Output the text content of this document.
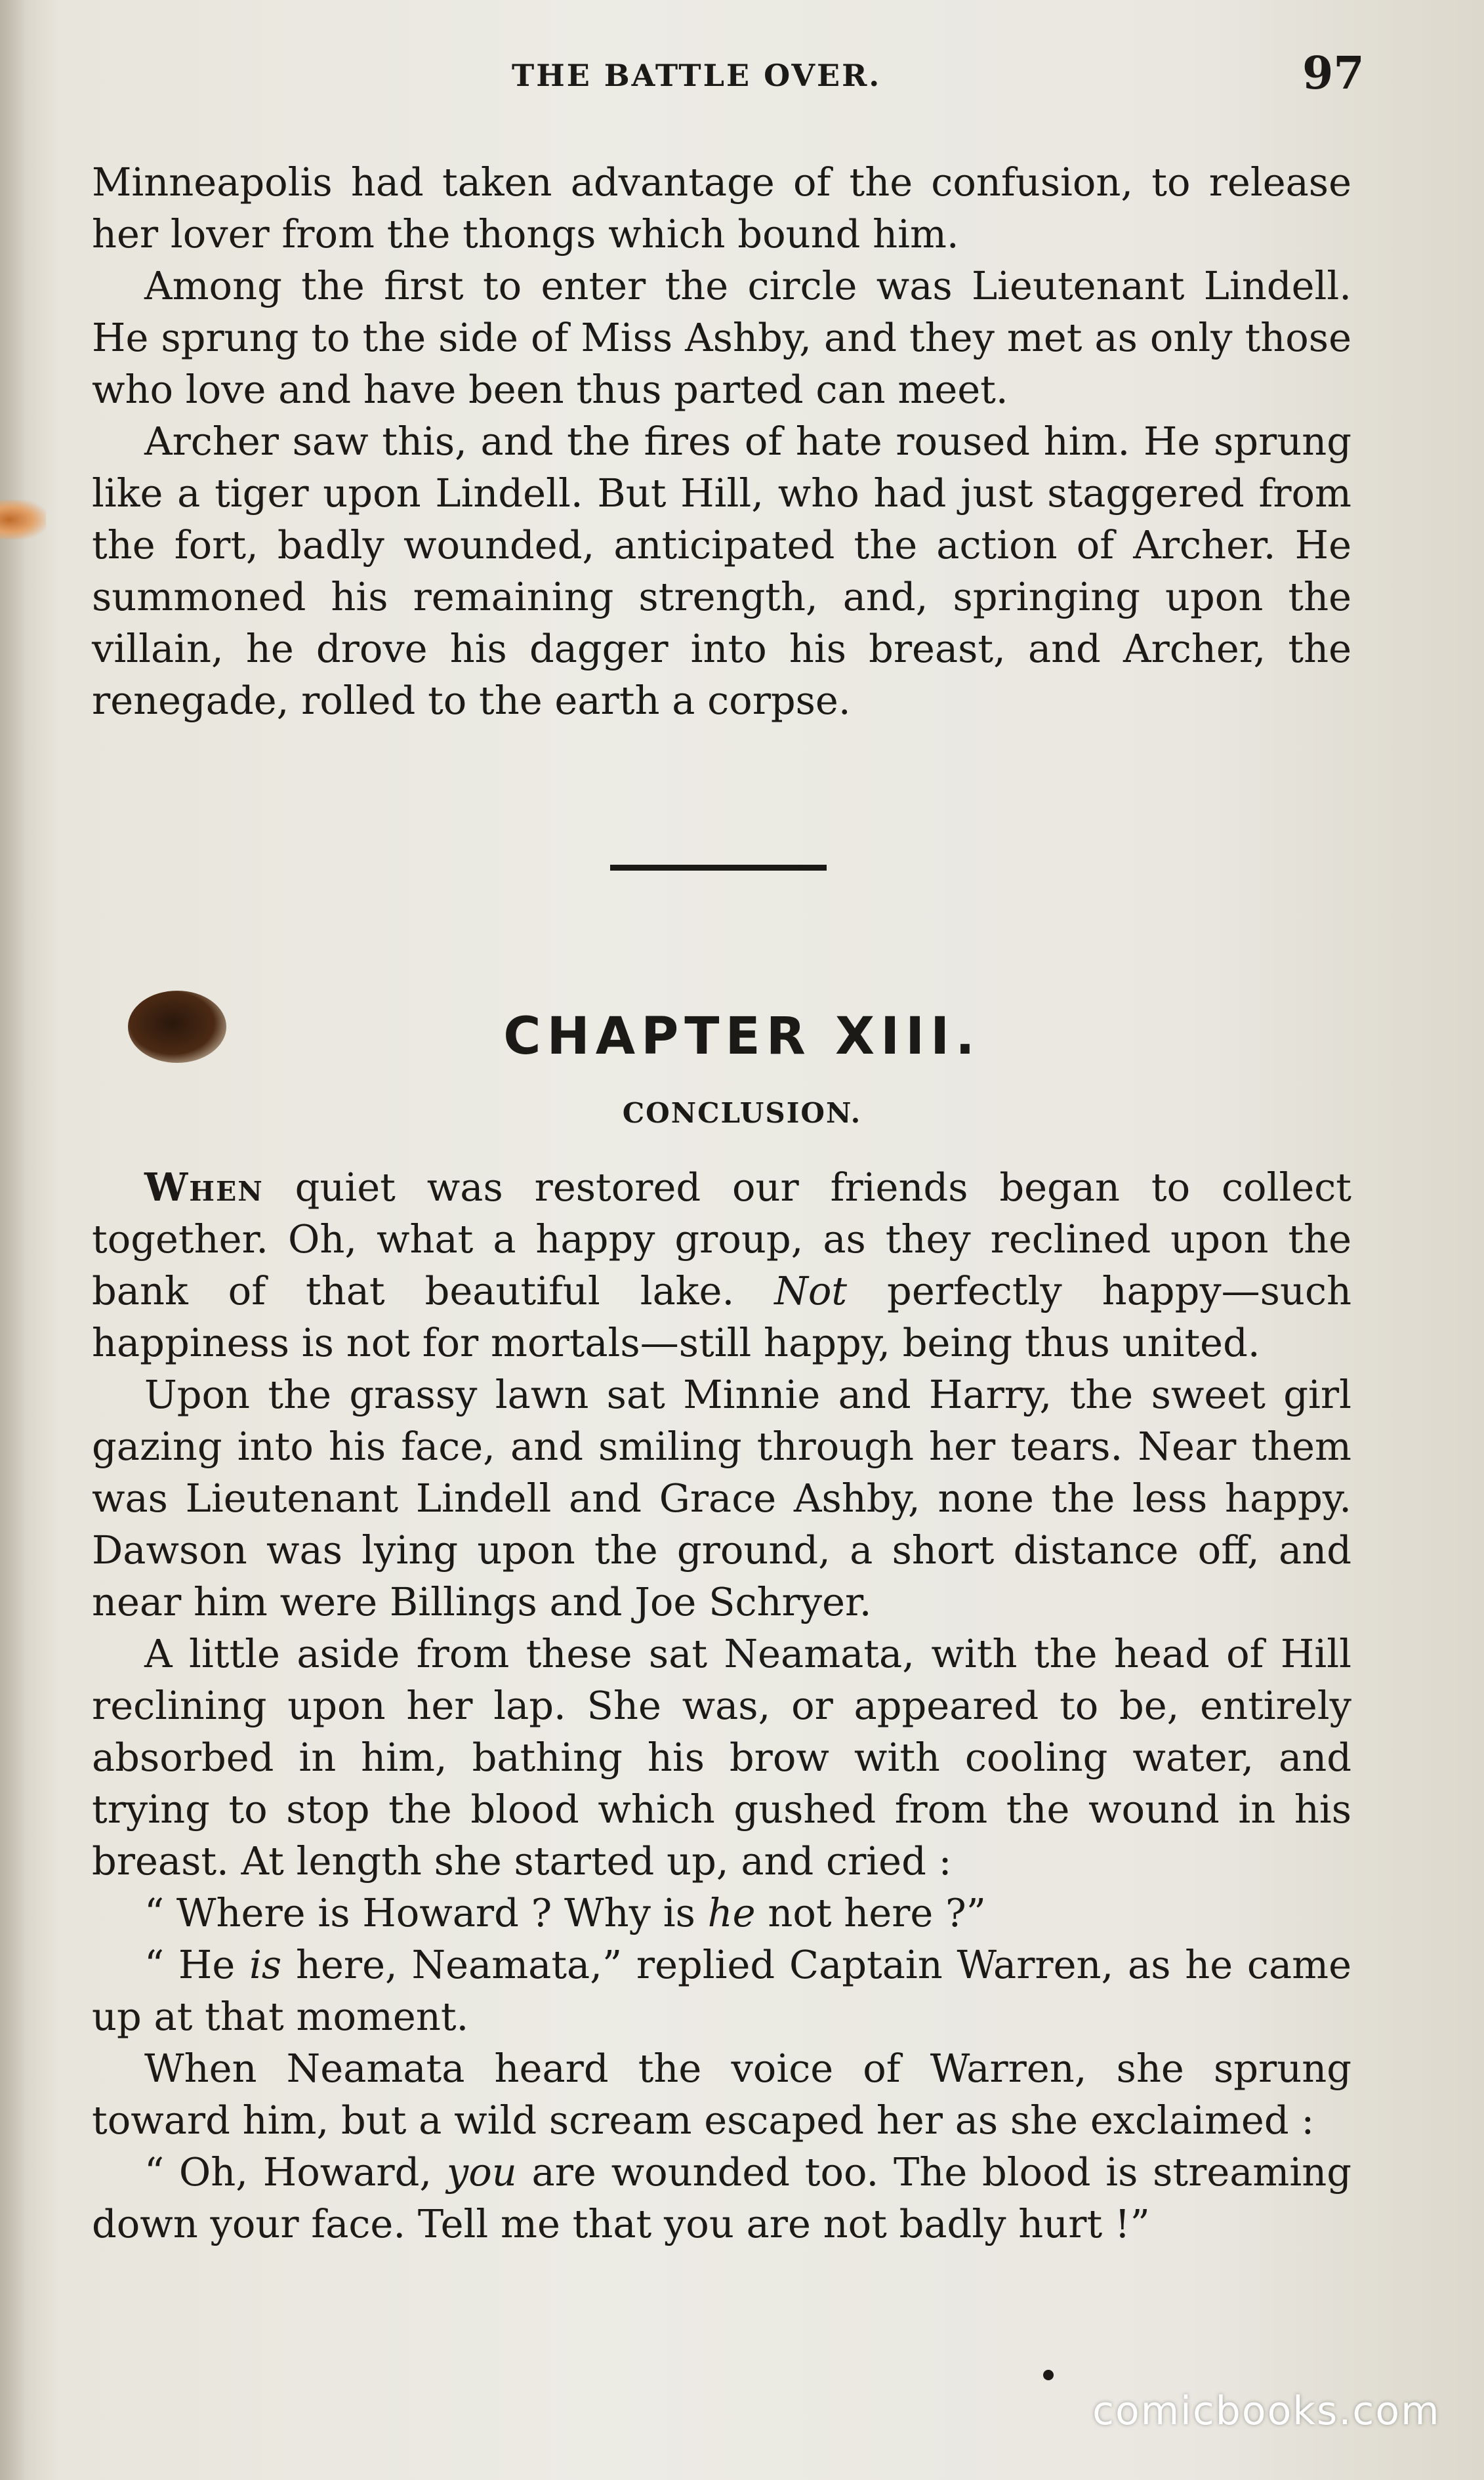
THE BATTLE OVER.	97

Minneapolis had taken advantage of the confusion, to release her lover from the thongs which bound him.

Among the first to enter the circle was Lieutenant Lindell. He sprung to the side of Miss Ashby, and they met as only those who love and have been thus parted can meet.

Archer saw this, and the fires of hate roused him. He sprung like a tiger upon Lindell. But Hill, who had just staggered from the fort, badly wounded, anticipated the action of Archer. He summoned his remaining strength, and, springing upon the villain, he drove his dagger into his breast, and Archer, the renegade, rolled to the earth a corpse.

CHAPTER XIII.
CONCLUSION.

When quiet was restored our friends began to collect together. Oh, what a happy group, as they reclined upon the bank of that beautiful lake. Not perfectly happy—such happiness is not for mortals—still happy, being thus united.

Upon the grassy lawn sat Minnie and Harry, the sweet girl gazing into his face, and smiling through her tears. Near them was Lieutenant Lindell and Grace Ashby, none the less happy. Dawson was lying upon the ground, a short distance off, and near him were Billings and Joe Schryer.

A little aside from these sat Neamata, with the head of Hill reclining upon her lap. She was, or appeared to be, entirely absorbed in him, bathing his brow with cooling water, and trying to stop the blood which gushed from the wound in his breast. At length she started up, and cried :

“ Where is Howard ? Why is he not here ?”

“ He is here, Neamata,” replied Captain Warren, as he came up at that moment.

When Neamata heard the voice of Warren, she sprung toward him, but a wild scream escaped her as she exclaimed :

“ Oh, Howard, you are wounded too. The blood is streaming down your face. Tell me that you are not badly hurt !”

comicbooks.com
